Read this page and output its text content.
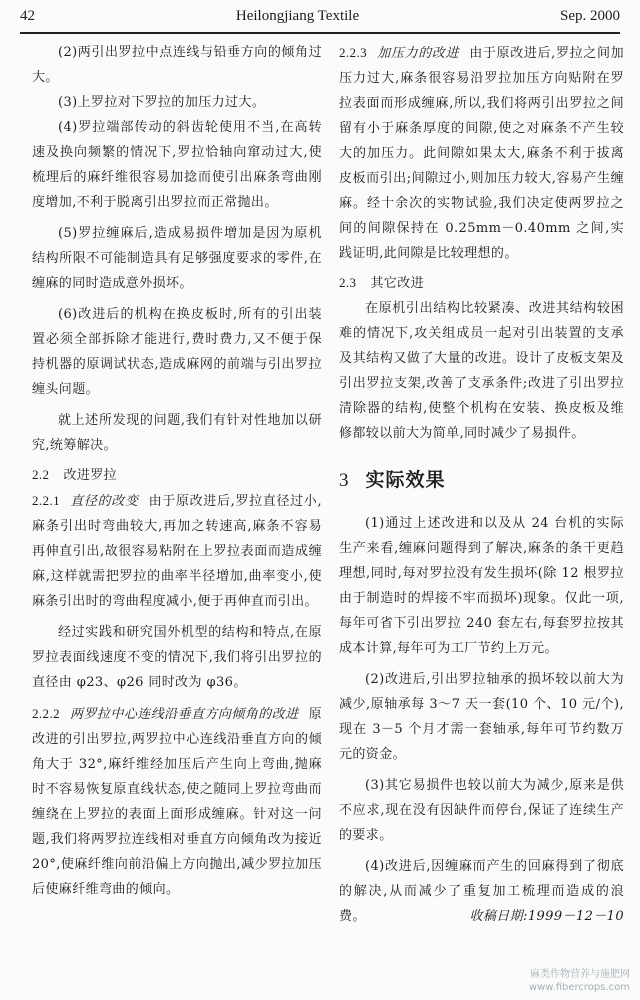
42	Heilongjiang Textile	Sep. 2000

(2)两引出罗拉中点连线与铅垂方向的倾角过大。

(3)上罗拉对下罗拉的加压力过大。

(4)罗拉端部传动的斜齿轮使用不当,在高转速及换向频繁的情况下,罗拉恰轴向窜动过大,使梳理后的麻纤维很容易加捻而使引出麻条弯曲刚度增加,不利于脱离引出罗拉而正常抛出。

(5)罗拉缠麻后,造成易损件增加是因为原机结构所限不可能制造具有足够强度要求的零件,在缠麻的同时造成意外损坏。

(6)改进后的机构在换皮板时,所有的引出装置必须全部拆除才能进行,费时费力,又不便于保持机器的原调试状态,造成麻网的前端与引出罗拉缠头问题。

就上述所发现的问题,我们有针对性地加以研究,统筹解决。

2.2 改进罗拉

2.2.1 直径的改变 由于原改进后,罗拉直径过小,麻条引出时弯曲较大,再加之转速高,麻条不容易再伸直引出,故很容易粘附在上罗拉表面而造成缠麻,这样就需把罗拉的曲率半径增加,曲率变小,使麻条引出时的弯曲程度减小,便于再伸直而引出。

经过实践和研究国外机型的结构和特点,在原罗拉表面线速度不变的情况下,我们将引出罗拉的直径由 φ23、φ26 同时改为 φ36。

2.2.2 两罗拉中心连线沿垂直方向倾角的改进 原改进的引出罗拉,两罗拉中心连线沿垂直方向的倾角大于 32°,麻纤维经加压后产生向上弯曲,抛麻时不容易恢复原直线状态,使之随同上罗拉弯曲而缠绕在上罗拉的表面上面形成缠麻。针对这一问题,我们将两罗拉连线相对垂直方向倾角改为接近 20°,使麻纤维向前沿偏上方向抛出,减少罗拉加压后使麻纤维弯曲的倾向。

2.2.3 加压力的改进 由于原改进后,罗拉之间加压力过大,麻条很容易沿罗拉加压方向贴附在罗拉表面而形成缠麻,所以,我们将两引出罗拉之间留有小于麻条厚度的间隙,使之对麻条不产生较大的加压力。此间隙如果太大,麻条不利于拔离皮板而引出;间隙过小,则加压力较大,容易产生缠麻。经十余次的实物试验,我们决定使两罗拉之间的间隙保持在 0.25mm－0.40mm 之间,实践证明,此间隙是比较理想的。

2.3 其它改进

在原机引出结构比较紧凑、改进其结构较困难的情况下,攻关组成员一起对引出装置的支承及其结构又做了大量的改进。设计了皮板支架及引出罗拉支架,改善了支承条件;改进了引出罗拉清除器的结构,使整个机构在安装、换皮板及维修都较以前大为简单,同时减少了易损件。

3 实际效果

(1)通过上述改进和以及从 24 台机的实际生产来看,缠麻问题得到了解决,麻条的条干更趋理想,同时,每对罗拉没有发生损坏(除 12 根罗拉由于制造时的焊接不牢而损坏)现象。仅此一项,每年可省下引出罗拉 240 套左右,每套罗拉按其成本计算,每年可为工厂节约上万元。

(2)改进后,引出罗拉轴承的损坏较以前大为减少,原轴承每 3～7 天一套(10 个、10 元/个),现在 3－5 个月才需一套轴承,每年可节约数万元的资金。

(3)其它易损件也较以前大为减少,原来是供不应求,现在没有因缺件而停台,保证了连续生产的要求。

(4)改进后,因缠麻而产生的回麻得到了彻底的解决,从而减少了重复加工梳理而造成的浪费。	收稿日期:1999－12－10

麻类作物营养与施肥网
www.fibercrops.com
